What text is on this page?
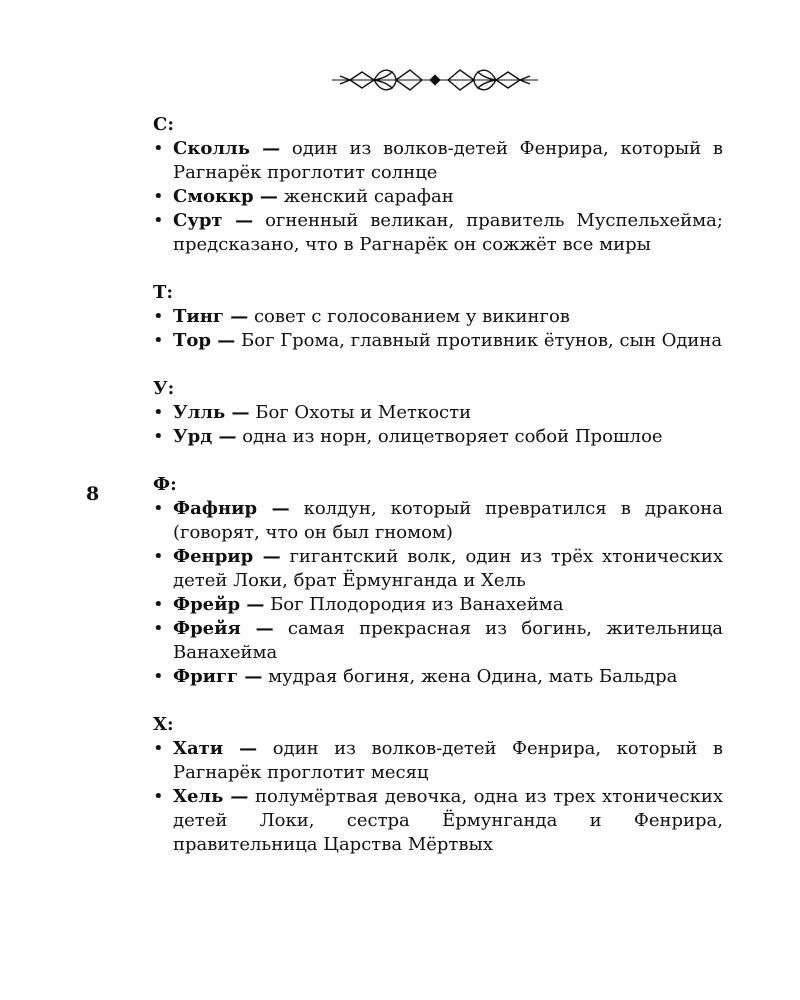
8
С:
• Сколль — один из волков-детей Фенрира, который в Рагнарёк проглотит солнце
• Смоккр — женский сарафан
• Сурт — огненный великан, правитель Муспельхейма; предсказано, что в Рагнарёк он сожжёт все миры
Т:
• Тинг — совет с голосованием у викингов
• Тор — Бог Грома, главный противник ётунов, сын Одина
У:
• Улль — Бог Охоты и Меткости
• Урд — одна из норн, олицетворяет собой Прошлое
Ф:
• Фафнир — колдун, который превратился в дракона (говорят, что он был гномом)
• Фенрир — гигантский волк, один из трёх хтонических детей Локи, брат Ёрмунганда и Хель
• Фрейр — Бог Плодородия из Ванахейма
• Фрейя — самая прекрасная из богинь, жительница Ванахейма
• Фригг — мудрая богиня, жена Одина, мать Бальдра
Х:
• Хати — один из волков-детей Фенрира, который в Рагнарёк проглотит месяц
• Хель — полумёртвая девочка, одна из трех хтонических детей Локи, сестра Ёрмунганда и Фенрира, правительница Царства Мёртвых
